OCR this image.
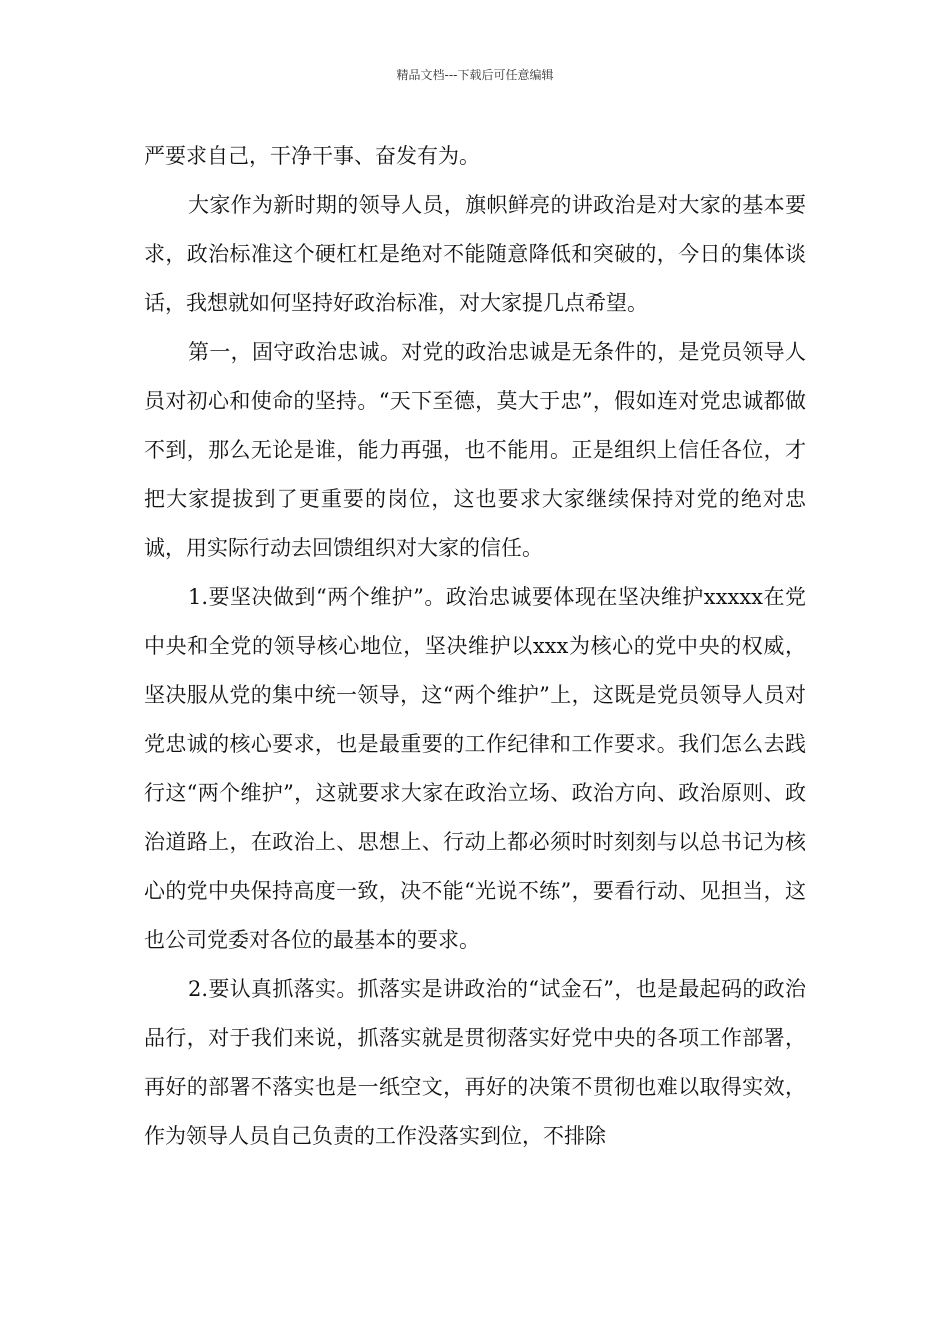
精品文档---下载后可任意编辑

严要求自己，干净干事、奋发有为。

大家作为新时期的领导人员，旗帜鲜亮的讲政治是对大家的基本要求，政治标准这个硬杠杠是绝对不能随意降低和突破的，今日的集体谈话，我想就如何坚持好政治标准，对大家提几点希望。

第一，固守政治忠诚。对党的政治忠诚是无条件的，是党员领导人员对初心和使命的坚持。“天下至德，莫大于忠”，假如连对党忠诚都做不到，那么无论是谁，能力再强，也不能用。正是组织上信任各位，才把大家提拔到了更重要的岗位，这也要求大家继续保持对党的绝对忠诚，用实际行动去回馈组织对大家的信任。

1.要坚决做到“两个维护”。政治忠诚要体现在坚决维护xxxxx在党中央和全党的领导核心地位，坚决维护以xxx为核心的党中央的权威，坚决服从党的集中统一领导，这“两个维护”上，这既是党员领导人员对党忠诚的核心要求，也是最重要的工作纪律和工作要求。我们怎么去践行这“两个维护”，这就要求大家在政治立场、政治方向、政治原则、政治道路上，在政治上、思想上、行动上都必须时时刻刻与以总书记为核心的党中央保持高度一致，决不能“光说不练”，要看行动、见担当，这也公司党委对各位的最基本的要求。

2.要认真抓落实。抓落实是讲政治的“试金石”，也是最起码的政治品行，对于我们来说，抓落实就是贯彻落实好党中央的各项工作部署，再好的部署不落实也是一纸空文，再好的决策不贯彻也难以取得实效，作为领导人员自己负责的工作没落实到位，不排除
